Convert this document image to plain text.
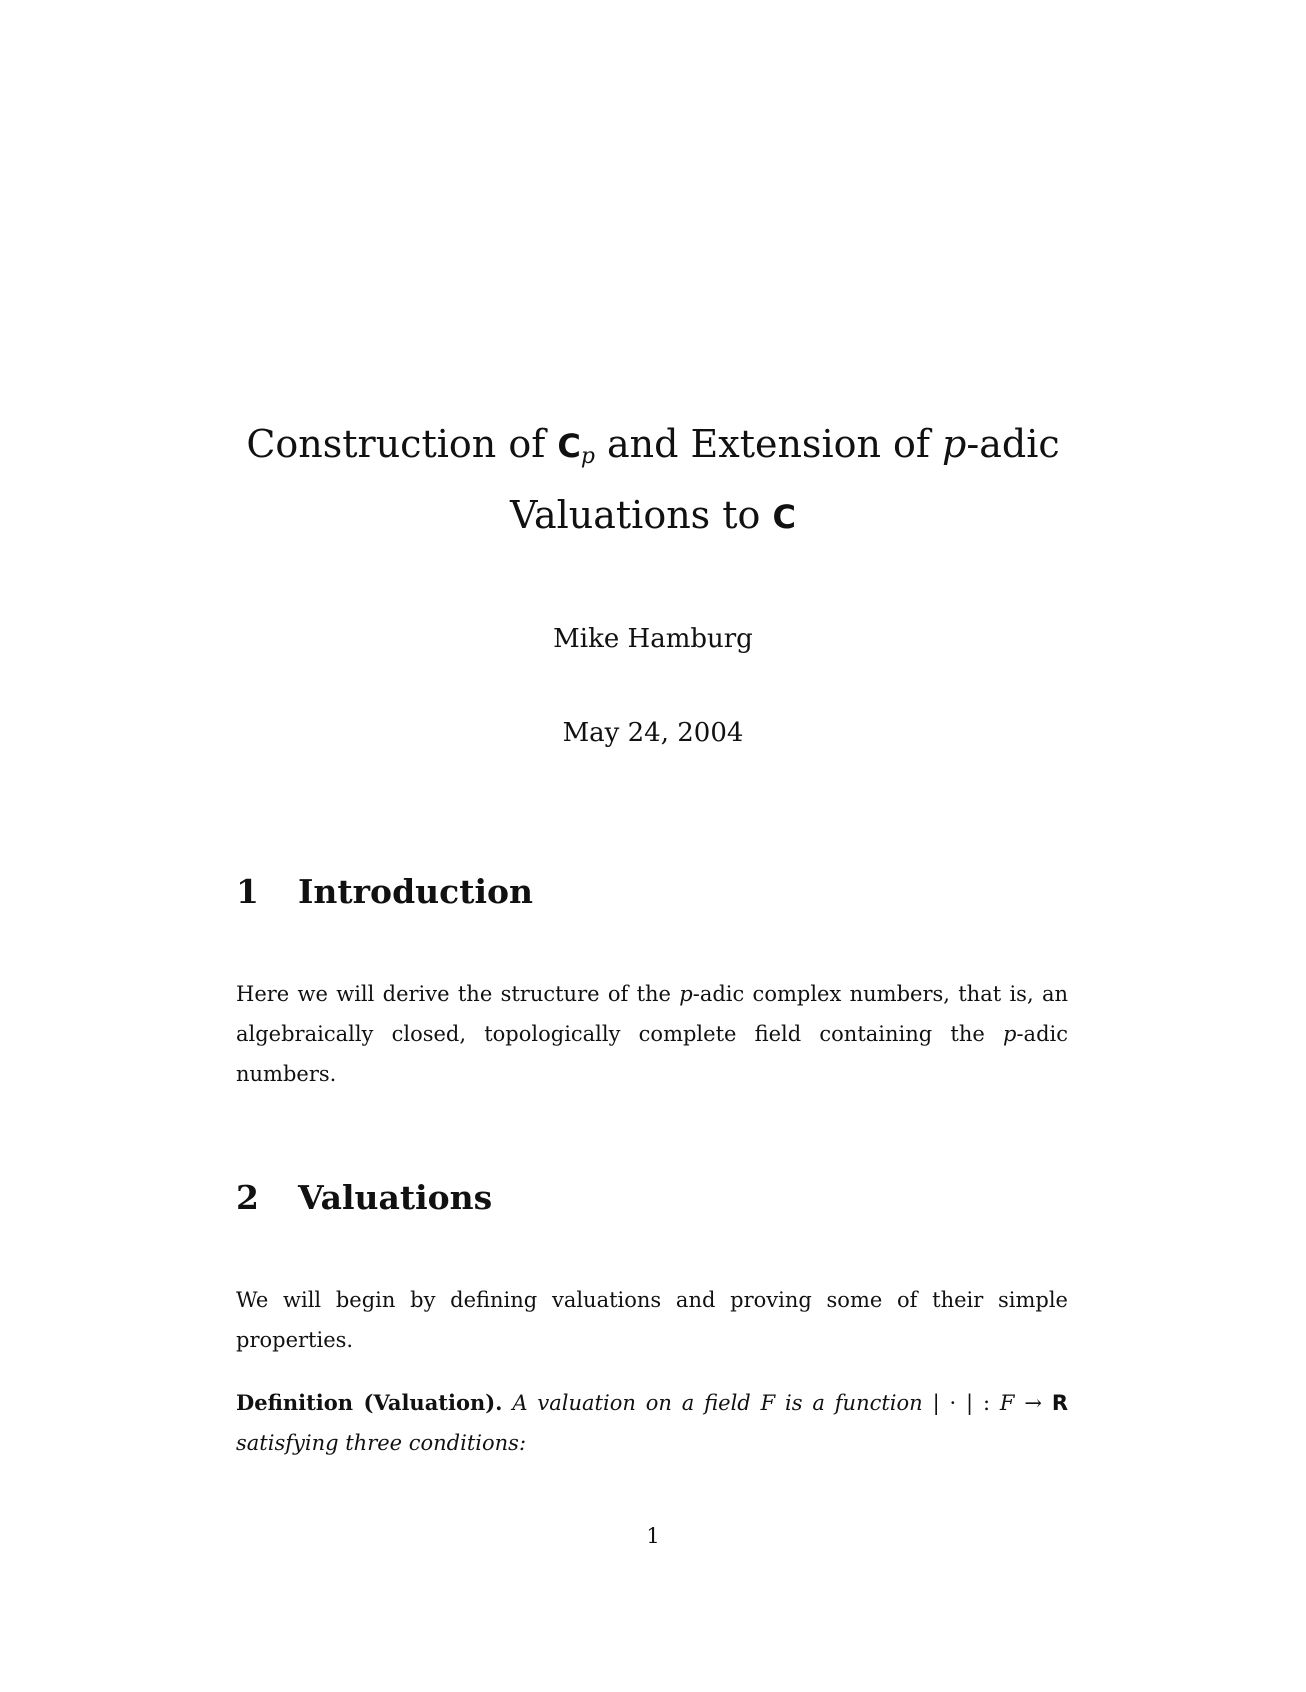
Construction of $C_p$ and Extension of p-adic
Valuations to C
Mike Hamburg
May 24, 2004
1 Introduction
Here we will derive the structure of the p-adic complex numbers, that is, an algebraically closed, topologically complete field containing the p-adic numbers.
2 Valuations
We will begin by defining valuations and proving some of their simple properties.
Definition (Valuation). A valuation on a field F is a function | · | : F → R satisfying three conditions:
1
